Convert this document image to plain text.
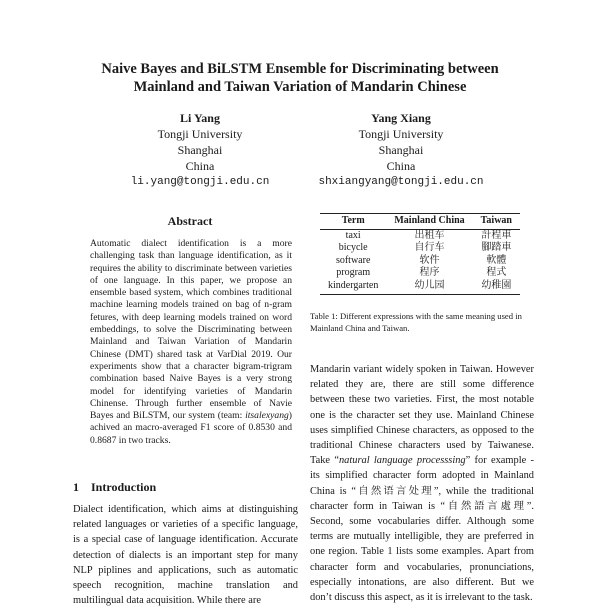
Naive Bayes and BiLSTM Ensemble for Discriminating between
Mainland and Taiwan Variation of Mandarin Chinese
Li Yang
Tongji University
Shanghai
China
li.yang@tongji.edu.cn
Yang Xiang
Tongji University
Shanghai
China
shxiangyang@tongji.edu.cn
Abstract
Automatic dialect identification is a more challenging task than language identification, as it requires the ability to discriminate between varieties of one language. In this paper, we propose an ensemble based system, which combines traditional machine learning models trained on bag of n-gram fetures, with deep learning models trained on word embeddings, to solve the Discriminating between Mainland and Taiwan Variation of Mandarin Chinese (DMT) shared task at VarDial 2019. Our experiments show that a character bigram-trigram combination based Naive Bayes is a very strong model for identifying varieties of Mandarin Chinense. Through further ensemble of Navie Bayes and BiLSTM, our system (team: itsalexyang) achived an macro-averaged F1 score of 0.8530 and 0.8687 in two tracks.
1 Introduction
Dialect identification, which aims at distinguishing related languages or varieties of a specific language, is a special case of language identification. Accurate detection of dialects is an important step for many NLP piplines and applications, such as automatic speech recognition, machine translation and multilingual data acquisition. While there are
Term	Mainland China	Taiwan
taxi	出租车	計程車
bicycle	自行车	腳踏車
software	软件	軟體
program	程序	程式
kindergarten	幼儿园	幼稚園
Table 1: Different expressions with the same meaning used in Mainland China and Taiwan.
Mandarin variant widely spoken in Taiwan. However related they are, there are still some difference between these two varieties. First, the most notable one is the character set they use. Mainland Chinese uses simplified Chinese characters, as opposed to the traditional Chinese characters used by Taiwanese. Take “natural language processsing” for example - its simplified character form adopted in Mainland China is “自然语言处理”, while the traditional character form in Taiwan is “自然語言處理”. Second, some vocabularies differ. Although some terms are mutually intelligible, they are preferred in one region. Table 1 lists some examples. Apart from character form and vocabularies, pronunciations, especially intonations, are also different. But we don’t discuss this aspect, as it is irrelevant to the task.
